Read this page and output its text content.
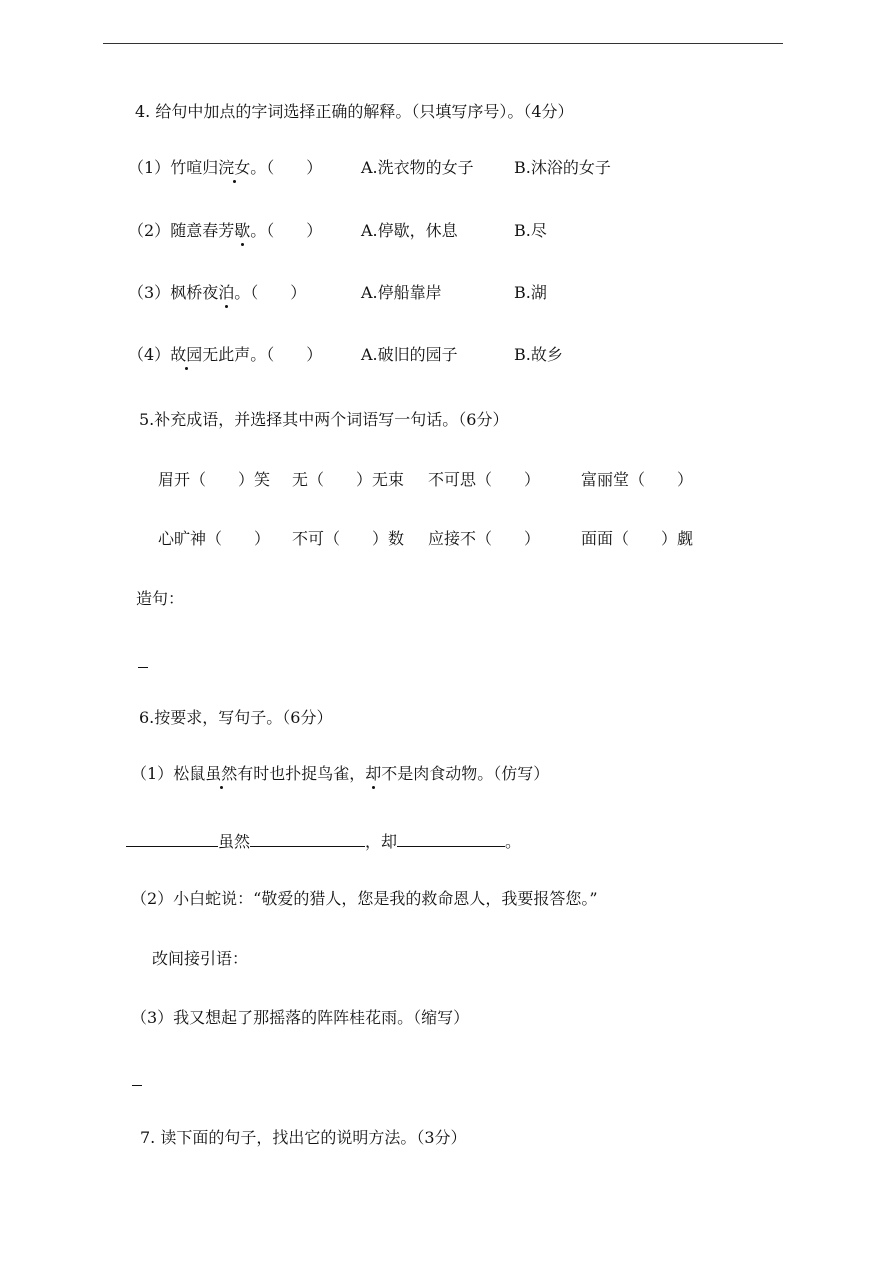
4. 给句中加点的字词选择正确的解释。（只填写序号）。（4分）
（1）竹喧归浣女。（　　） A.洗衣物的女子	B.沐浴的女子
（2）随意春芳歇。（　　） A.停歇，休息	B.尽
（3）枫桥夜泊。（　　）	A.停船靠岸	B.湖
（4）故园无此声。（　　） A.破旧的园子	B.故乡
5.补充成语，并选择其中两个词语写一句话。（6分）
眉开（　　）笑 无（　　）无束 不可思（　　）	富丽堂（　　）
心旷神（　　） 不可（　　）数 应接不（　　）	面面（　　）觑
造句：
6.按要求，写句子。（6分）
（1）松鼠虽然有时也扑捉鸟雀，却不是肉食动物。（仿写）
虽然	，却	。
（2）小白蛇说：“敬爱的猎人，您是我的救命恩人，我要报答您。”
改间接引语：
（3）我又想起了那摇落的阵阵桂花雨。（缩写）
7. 读下面的句子，找出它的说明方法。（3分）
